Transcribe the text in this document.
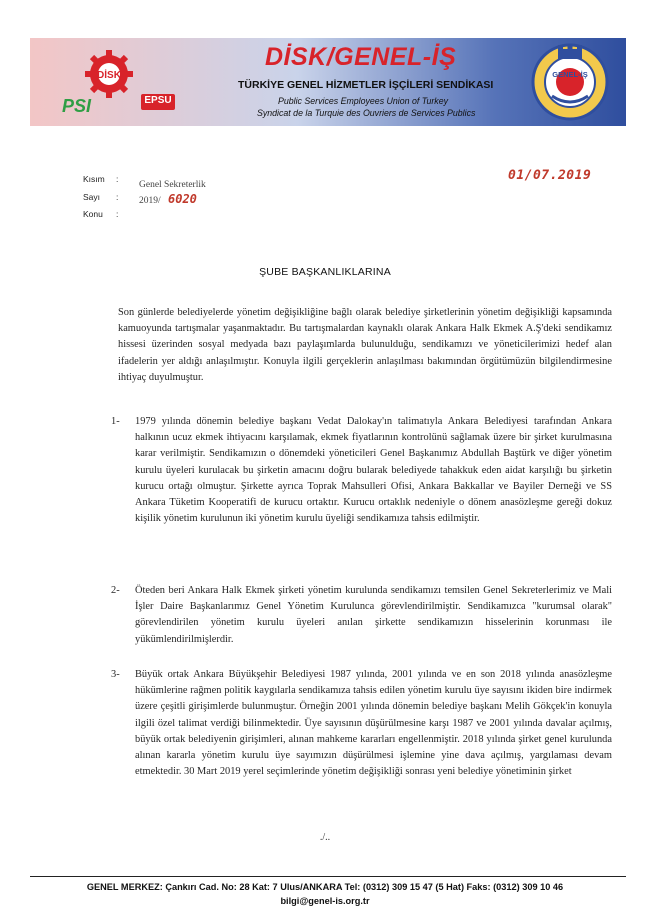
DİSK
PSI	EPSU
GENEL-İŞ
DİSK/GENEL-İŞ
TÜRKİYE GENEL HİZMETLER İŞÇİLERİ SENDİKASI
Public Services Employees Union of Turkey
Syndicat de la Turquie des Ouvriers de Services Publics
Kısım
Sayı
Konu
:
:
:
Genel Sekreterlik
2019/ 6020
01/07.2019
ŞUBE BAŞKANLIKLARINA

Son günlerde belediyelerde yönetim değişikliğine bağlı olarak belediye şirketlerinin yönetim değişikliği kapsamında kamuoyunda tartışmalar yaşanmaktadır. Bu tartışmalardan kaynaklı olarak Ankara Halk Ekmek A.Ş'deki sendikamız hissesi üzerinden sosyal medyada bazı paylaşımlarda bulunulduğu, sendikamızı ve yöneticilerimizi hedef alan ifadelerin yer aldığı anlaşılmıştır. Konuyla ilgili gerçeklerin anlaşılması bakımından örgütümüzün bilgilendirmesine ihtiyaç duyulmuştur.

1- 1979 yılında dönemin belediye başkanı Vedat Dalokay'ın talimatıyla Ankara Belediyesi tarafından Ankara halkının ucuz ekmek ihtiyacını karşılamak, ekmek fiyatlarının kontrolünü sağlamak üzere bir şirket kurulmasına karar verilmiştir. Sendikamızın o dönemdeki yöneticileri Genel Başkanımız Abdullah Baştürk ve diğer yönetim kurulu üyeleri kurulacak bu şirketin amacını doğru bularak belediyede tahakkuk eden aidat karşılığı bu şirketin kurucu ortağı olmuştur. Şirkette ayrıca Toprak Mahsulleri Ofisi, Ankara Bakkallar ve Bayiler Derneği ve SS Ankara Tüketim Kooperatifi de kurucu ortaktır. Kurucu ortaklık nedeniyle o dönem anasözleşme gereği dokuz kişilik yönetim kurulunun iki yönetim kurulu üyeliği sendikamıza tahsis edilmiştir.

2- Öteden beri Ankara Halk Ekmek şirketi yönetim kurulunda sendikamızı temsilen Genel Sekreterlerimiz ve Mali İşler Daire Başkanlarımız Genel Yönetim Kurulunca görevlendirilmiştir. Sendikamızca "kurumsal olarak" görevlendirilen yönetim kurulu üyeleri anılan şirkette sendikamızın hisselerinin korunması ile yükümlendirilmişlerdir.

3- Büyük ortak Ankara Büyükşehir Belediyesi 1987 yılında, 2001 yılında ve en son 2018 yılında anasözleşme hükümlerine rağmen politik kaygılarla sendikamıza tahsis edilen yönetim kurulu üye sayısını ikiden bire indirmek üzere çeşitli girişimlerde bulunmuştur. Örneğin 2001 yılında dönemin belediye başkanı Melih Gökçek'in konuyla ilgili özel talimat verdiği bilinmektedir. Üye sayısının düşürülmesine karşı 1987 ve 2001 yılında davalar açılmış, büyük ortak belediyenin girişimleri, alınan mahkeme kararları engellenmiştir. 2018 yılında şirket genel kurulunda alınan kararla yönetim kurulu üye sayımızın düşürülmesi işlemine yine dava açılmış, yargılaması devam etmektedir. 30 Mart 2019 yerel seçimlerinde yönetim değişikliği sonrası yeni belediye yönetiminin şirket

./..
GENEL MERKEZ: Çankırı Cad. No: 28 Kat: 7 Ulus/ANKARA Tel: (0312) 309 15 47 (5 Hat) Faks: (0312) 309 10 46
bilgi@genel-is.org.tr
